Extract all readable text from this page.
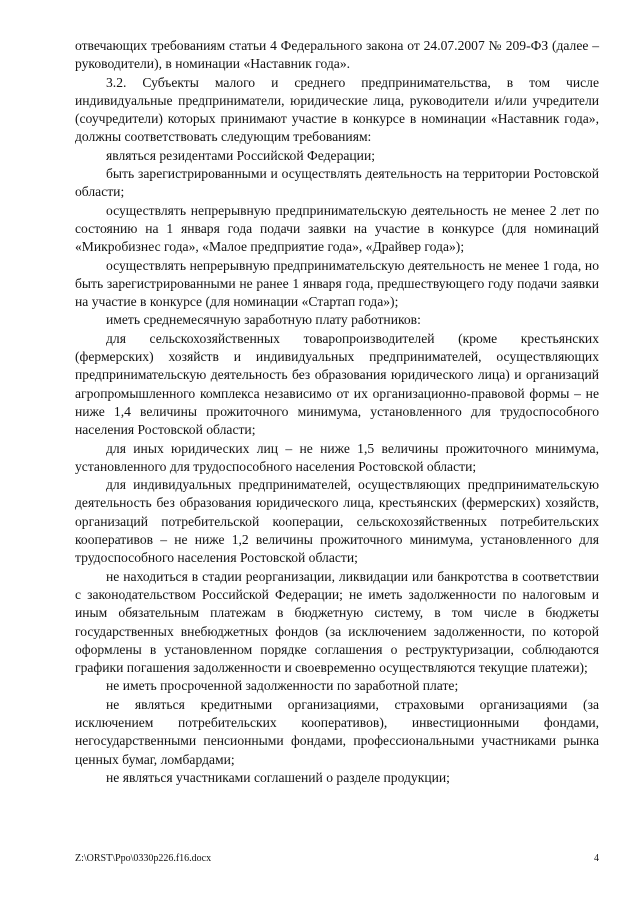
отвечающих требованиям статьи 4 Федерального закона от 24.07.2007 № 209-ФЗ (далее – руководители), в номинации «Наставник года».

3.2. Субъекты малого и среднего предпринимательства, в том числе индивидуальные предприниматели, юридические лица, руководители и/или учредители (соучредители) которых принимают участие в конкурсе в номинации «Наставник года», должны соответствовать следующим требованиям:

являться резидентами Российской Федерации;

быть зарегистрированными и осуществлять деятельность на территории Ростовской области;

осуществлять непрерывную предпринимательскую деятельность не менее 2 лет по состоянию на 1 января года подачи заявки на участие в конкурсе (для номинаций «Микробизнес года», «Малое предприятие года», «Драйвер года»);

осуществлять непрерывную предпринимательскую деятельность не менее 1 года, но быть зарегистрированными не ранее 1 января года, предшествующего году подачи заявки на участие в конкурсе (для номинации «Стартап года»);

иметь среднемесячную заработную плату работников:

для сельскохозяйственных товаропроизводителей (кроме крестьянских (фермерских) хозяйств и индивидуальных предпринимателей, осуществляющих предпринимательскую деятельность без образования юридического лица) и организаций агропромышленного комплекса независимо от их организационно-правовой формы – не ниже 1,4 величины прожиточного минимума, установленного для трудоспособного населения Ростовской области;

для иных юридических лиц – не ниже 1,5 величины прожиточного минимума, установленного для трудоспособного населения Ростовской области;

для индивидуальных предпринимателей, осуществляющих предпринимательскую деятельность без образования юридического лица, крестьянских (фермерских) хозяйств, организаций потребительской кооперации, сельскохозяйственных потребительских кооперативов – не ниже 1,2 величины прожиточного минимума, установленного для трудоспособного населения Ростовской области;

не находиться в стадии реорганизации, ликвидации или банкротства в соответствии с законодательством Российской Федерации; не иметь задолженности по налоговым и иным обязательным платежам в бюджетную систему, в том числе в бюджеты государственных внебюджетных фондов (за исключением задолженности, по которой оформлены в установленном порядке соглашения о реструктуризации, соблюдаются графики погашения задолженности и своевременно осуществляются текущие платежи);

не иметь просроченной задолженности по заработной плате;

не являться кредитными организациями, страховыми организациями (за исключением потребительских кооперативов), инвестиционными фондами, негосударственными пенсионными фондами, профессиональными участниками рынка ценных бумаг, ломбардами;

не являться участниками соглашений о разделе продукции;

Z:\ORST\Ppo\0330p226.f16.docx	4
